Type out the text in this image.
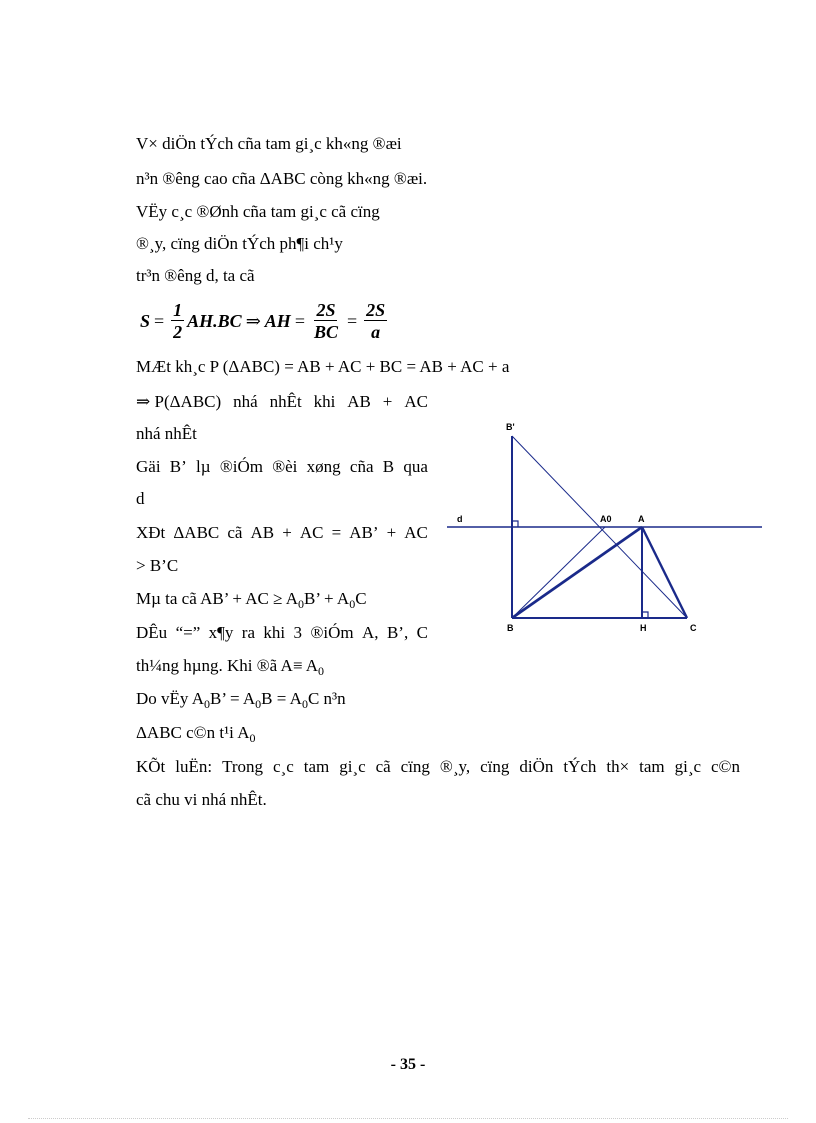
V× diÖn tÝch cña tam gi¸c kh«ng ®æi
n³n ®êng cao cña ΔABC còng kh«ng ®æi.
VËy c¸c ®Ønh cña tam gi¸c cã cïng
®¸y, cïng diÖn tÝch ph¶i ch¹y
tr³n ®êng d, ta cã
$S = \frac{1}{2} AH.BC$ ⇒ AH = $\frac{2S}{BC} = \frac{2S}{a}$
MÆt kh¸c P (ΔABC) = AB + AC + BC = AB + AC + a
⇒ P(ΔABC) nhá nhÊt khi AB + AC
nhá nhÊt
Gäi B’ lµ ®iÓm ®èi xøng cña B qua
d
XÐt ΔABC cã AB + AC = AB’ + AC
> B’C
Mµ ta cã AB’ + AC ≥ $A_0B$’ + $A_0C$
DÊu “=” x¶y ra khi 3 ®iÓm A, B’, C
th¼ng hµng. Khi ®ã $A\equiv A_0$
Do vËy $A_0B$’ = $A_0B = A_0C$ n³n
ΔABC c©n t¹i $A_0$
KÕt luËn: Trong c¸c tam gi¸c cã cïng ®¸y, cïng diÖn tÝch th× tam gi¸c c©n
cã chu vi nhá nhÊt.
B'
d	A0	A
B	H	C
- 35 -
